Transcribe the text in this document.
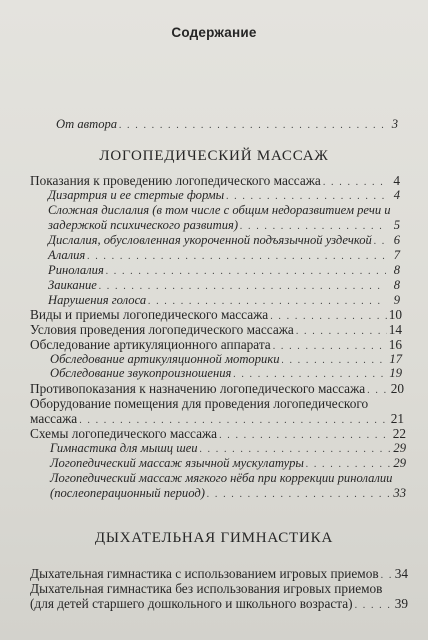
Содержание
От автора . . .	3
ЛОГОПЕДИЧЕСКИЙ МАССАЖ
Показания к проведению логопедического массажа . . .	4
Дизартрия и ее стертые формы . . .	4
Сложная дислалия (в том числе с общим недоразвитием речи и
задержкой психического развития) . . .	5
Дислалия, обусловленная укороченной подъязычной уздечкой . . .	6
Алалия . . .	7
Ринолалия . . .	8
Заикание . . .	8
Нарушения голоса . . .	9
Виды и приемы логопедического массажа . . .	10
Условия проведения логопедического массажа . . .	14
Обследование артикуляционного аппарата . . .	16
Обследование артикуляционной моторики . . .	17
Обследование звукопроизношения . . .	19
Противопоказания к назначению логопедического массажа . . . 20
Оборудование помещения для проведения логопедического
массажа . . .	21
Схемы логопедического массажа . . .	22
Гимнастика для мышц шеи . . .	29
Логопедический массаж язычной мускулатуры . . .	29
Логопедический массаж мягкого нёба при коррекции ринолалии
(послеоперационный период) . . .	33
ДЫХАТЕЛЬНАЯ ГИМНАСТИКА
Дыхательная гимнастика с использованием игровых приемов . . . 34
Дыхательная гимнастика без использования игровых приемов
(для детей старшего дошкольного и школьного возраста) . . .	39
